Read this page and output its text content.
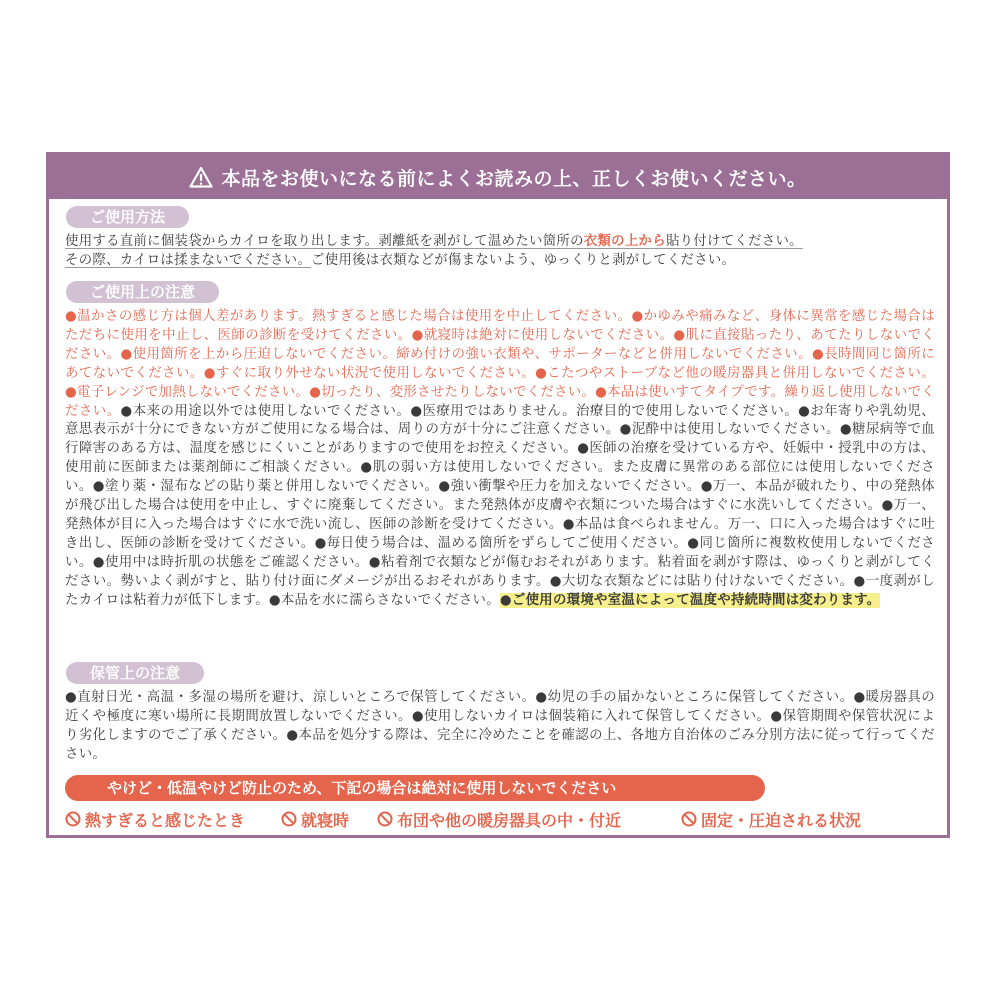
本品をお使いになる前によくお読みの上、正しくお使いください。
ご使用方法
使用する直前に個装袋からカイロを取り出します。剥離紙を剥がして温めたい箇所の衣類の上から貼り付けてください。
その際、カイロは揉まないでください。ご使用後は衣類などが傷まないよう、ゆっくりと剥がしてください。
ご使用上の注意
●温かさの感じ方は個人差があります。熱すぎると感じた場合は使用を中止してください。●かゆみや痛みなど、身体に異常を感じた場合はただちに使用を中止し、医師の診断を受けてください。●就寝時は絶対に使用しないでください。●肌に直接貼ったり、あてたりしないでください。●使用箇所を上から圧迫しないでください。締め付けの強い衣類や、サポーターなどと併用しないでください。●長時間同じ箇所にあてないでください。●すぐに取り外せない状況で使用しないでください。●こたつやストーブなど他の暖房器具と併用しないでください。●電子レンジで加熱しないでください。●切ったり、変形させたりしないでください。●本品は使いすてタイプです。繰り返し使用しないでください。●本来の用途以外では使用しないでください。●医療用ではありません。治療目的で使用しないでください。●お年寄りや乳幼児、意思表示が十分にできない方がご使用になる場合は、周りの方が十分にご注意ください。●泥酔中は使用しないでください。●糖尿病等で血行障害のある方は、温度を感じにくいことがありますので使用をお控えください。●医師の治療を受けている方や、妊娠中・授乳中の方は、使用前に医師または薬剤師にご相談ください。●肌の弱い方は使用しないでください。また皮膚に異常のある部位には使用しないでください。●塗り薬・湿布などの貼り薬と併用しないでください。●強い衝撃や圧力を加えないでください。●万一、本品が破れたり、中の発熱体が飛び出した場合は使用を中止し、すぐに廃棄してください。また発熱体が皮膚や衣類についた場合はすぐに水洗いしてください。●万一、発熱体が目に入った場合はすぐに水で洗い流し、医師の診断を受けてください。●本品は食べられません。万一、口に入った場合はすぐに吐き出し、医師の診断を受けてください。●毎日使う場合は、温める箇所をずらしてご使用ください。●同じ箇所に複数枚使用しないでください。●使用中は時折肌の状態をご確認ください。●粘着剤で衣類などが傷むおそれがあります。粘着面を剥がす際は、ゆっくりと剥がしてください。勢いよく剥がすと、貼り付け面にダメージが出るおそれがあります。●大切な衣類などには貼り付けないでください。●一度剥がしたカイロは粘着力が低下します。●本品を水に濡らさないでください。●ご使用の環境や室温によって温度や持続時間は変わります。
保管上の注意
●直射日光・高温・多湿の場所を避け、涼しいところで保管してください。●幼児の手の届かないところに保管してください。●暖房器具の近くや極度に寒い場所に長期間放置しないでください。●使用しないカイロは個装箱に入れて保管してください。●保管期間や保管状況により劣化しますのでご了承ください。●本品を処分する際は、完全に冷めたことを確認の上、各地方自治体のごみ分別方法に従って行ってください。
やけど・低温やけど防止のため、下記の場合は絶対に使用しないでください
熱すぎると感じたとき	就寝時	布団や他の暖房器具の中・付近	固定・圧迫される状況
